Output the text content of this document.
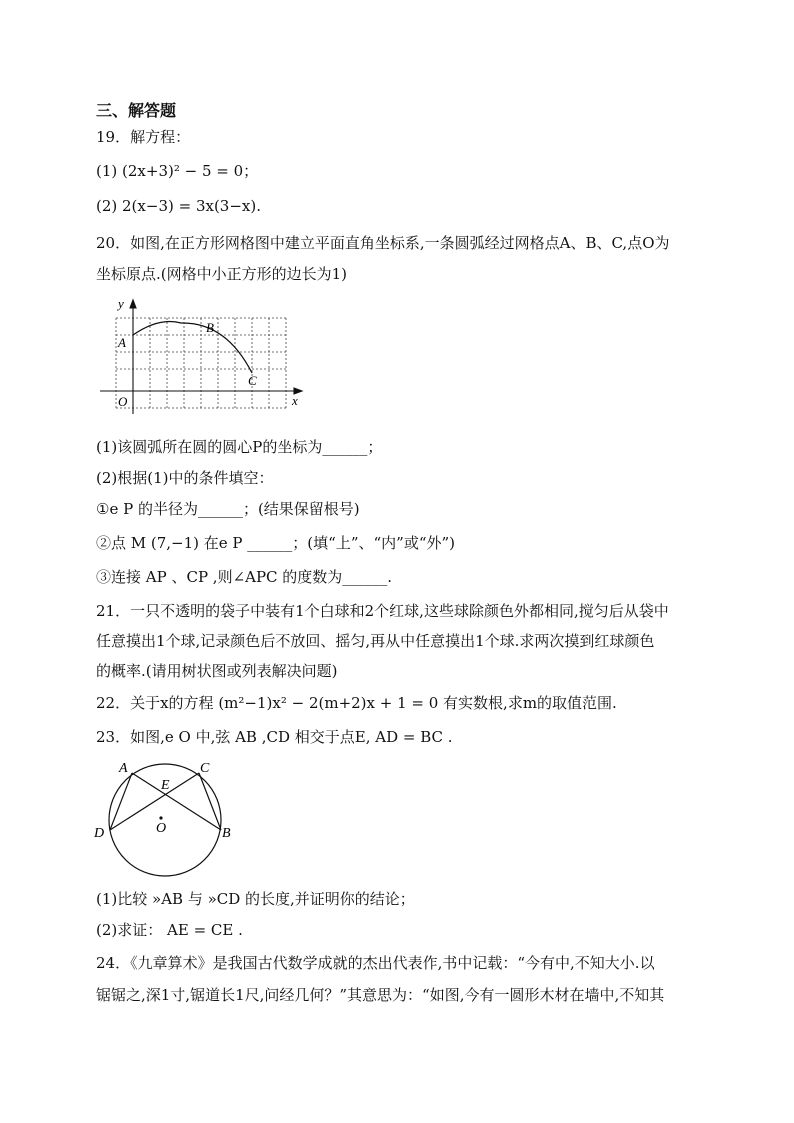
三、解答题
19．解方程：
(1) (2x+3)² − 5 = 0；
(2) 2(x−3) = 3x(3−x).
20．如图,在正方形网格图中建立平面直角坐标系,一条圆弧经过网格点A、B、C,点O为
坐标原点.(网格中小正方形的边长为1)
y
x
O
A
B
C
(1)该圆弧所在圆的圆心P的坐标为______；
(2)根据(1)中的条件填空：
①e P 的半径为______；(结果保留根号)
②点 M (7,−1) 在e P ______；(填“上”、“内”或“外”)
③连接 AP 、CP ,则∠APC 的度数为______.
21．一只不透明的袋子中装有1个白球和2个红球,这些球除颜色外都相同,搅匀后从袋中
任意摸出1个球,记录颜色后不放回、摇匀,再从中任意摸出1个球.求两次摸到红球颜色
的概率.(请用树状图或列表解决问题)
22．关于x的方程 (m²−1)x² − 2(m+2)x + 1 = 0 有实数根,求m的取值范围.
23．如图,e O 中,弦 AB ,CD 相交于点E, AD = BC .
A	C
E
D	B
O
(1)比较 »AB 与 »CD 的长度,并证明你的结论；
(2)求证： AE = CE .
24．《九章算术》是我国古代数学成就的杰出代表作,书中记载：“今有中,不知大小.以
锯锯之,深1寸,锯道长1尺,问经几何？”其意思为：“如图,今有一圆形木材在墙中,不知其
